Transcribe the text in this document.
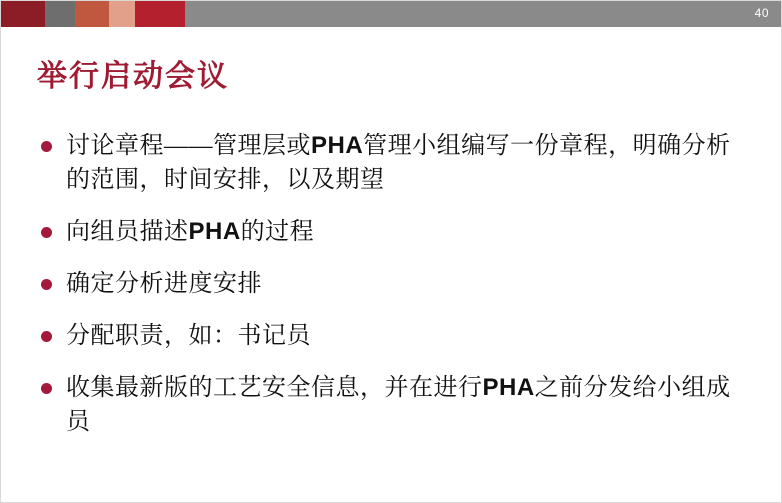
40
举行启动会议
讨论章程——管理层或PHA管理小组编写一份章程，明确分析的范围，时间安排，以及期望
向组员描述PHA的过程
确定分析进度安排
分配职责，如：书记员
收集最新版的工艺安全信息，并在进行PHA之前分发给小组成员
